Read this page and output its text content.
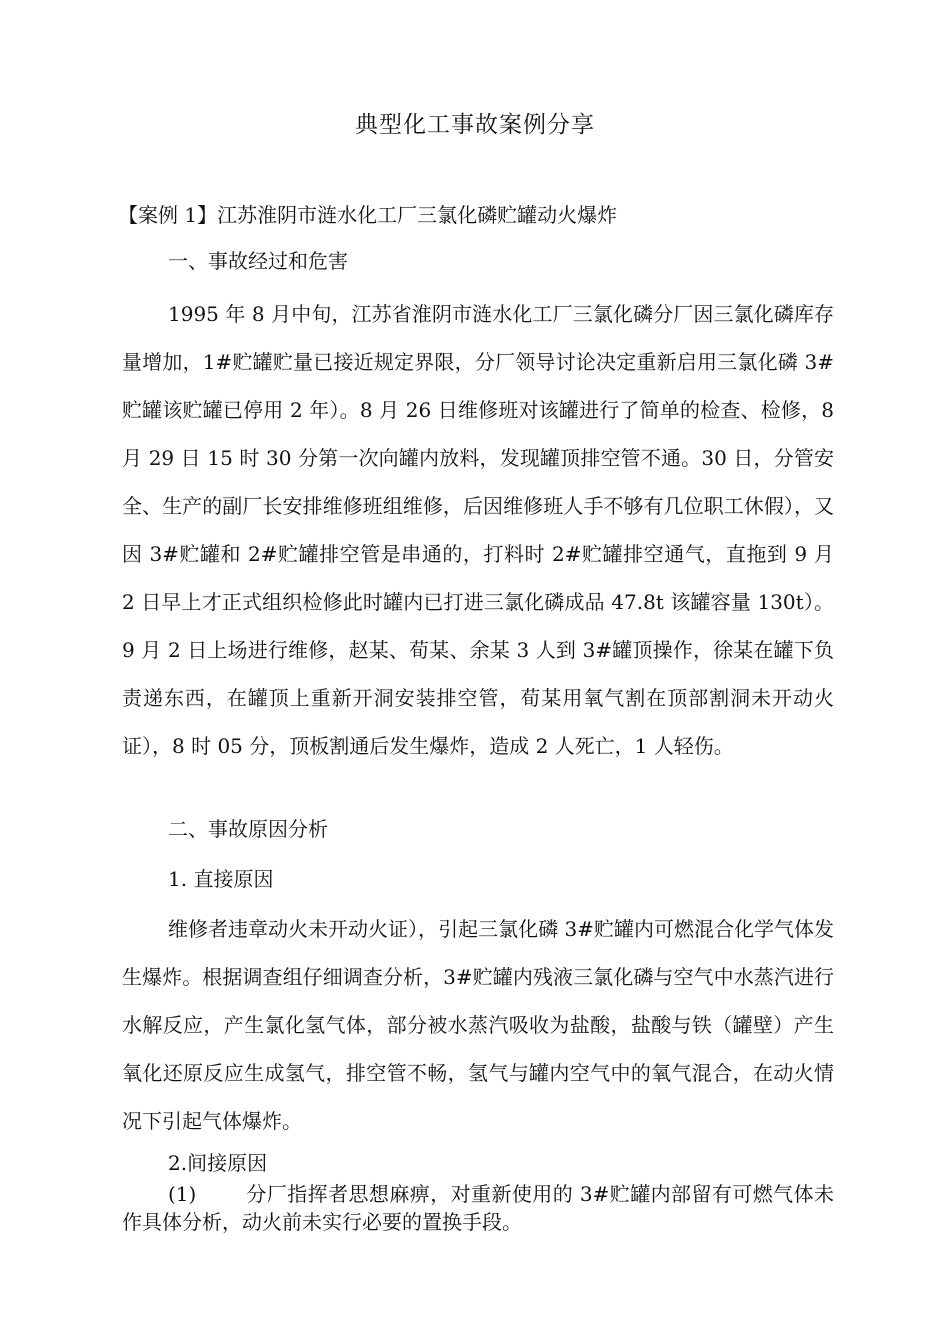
典型化工事故案例分享
【案例 1】江苏淮阴市涟水化工厂三氯化磷贮罐动火爆炸
一、事故经过和危害

1995 年 8 月中旬，江苏省淮阴市涟水化工厂三氯化磷分厂因三氯化磷库存量增加，1#贮罐贮量已接近规定界限，分厂领导讨论决定重新启用三氯化磷 3#贮罐该贮罐已停用 2 年）。8 月 26 日维修班对该罐进行了简单的检查、检修，8 月 29 日 15 时 30 分第一次向罐内放料，发现罐顶排空管不通。30 日，分管安全、生产的副厂长安排维修班组维修，后因维修班人手不够有几位职工休假），又因 3#贮罐和 2#贮罐排空管是串通的，打料时 2#贮罐排空通气，直拖到 9 月 2 日早上才正式组织检修此时罐内已打进三氯化磷成品 47.8t 该罐容量 130t）。9 月 2 日上场进行维修，赵某、荀某、余某 3 人到 3#罐顶操作，徐某在罐下负责递东西，在罐顶上重新开洞安装排空管，荀某用氧气割在顶部割洞未开动火证），8 时 05 分，顶板割通后发生爆炸，造成 2 人死亡，1 人轻伤。

二、事故原因分析
1. 直接原因

维修者违章动火未开动火证），引起三氯化磷 3#贮罐内可燃混合化学气体发生爆炸。根据调查组仔细调查分析，3#贮罐内残液三氯化磷与空气中水蒸汽进行水解反应，产生氯化氢气体，部分被水蒸汽吸收为盐酸，盐酸与铁（罐壁）产生氧化还原反应生成氢气，排空管不畅，氢气与罐内空气中的氧气混合，在动火情况下引起气体爆炸。

2.间接原因

(1) 分厂指挥者思想麻痹，对重新使用的 3#贮罐内部留有可燃气体未作具体分析，动火前未实行必要的置换手段。
